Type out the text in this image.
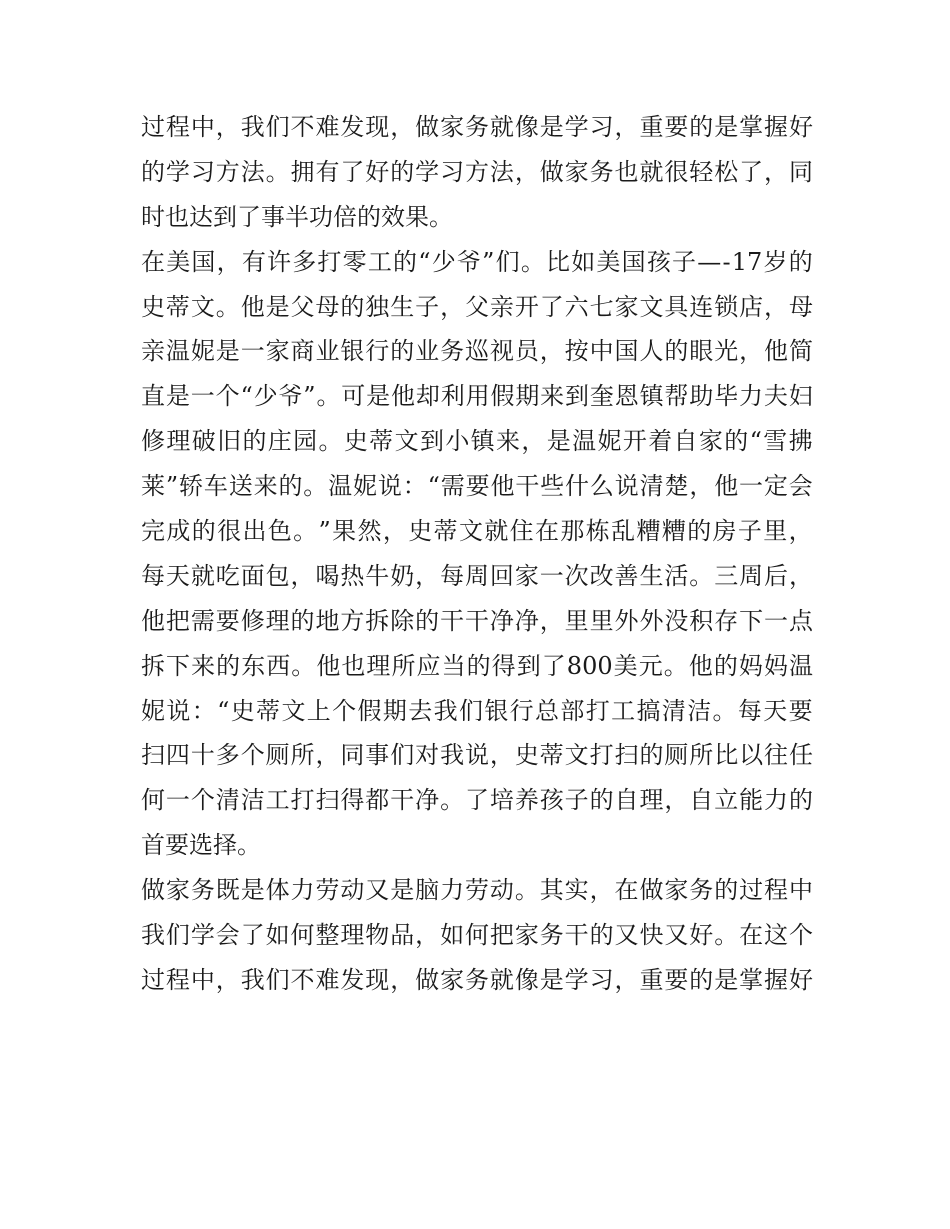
过 程 中 ， 我 们 不 难 发 现 ， 做 家 务 就 像 是 学 习 ， 重 要 的 是 掌 握 好
的 学 习 方 法 。 拥 有 了 好 的 学 习 方 法 ， 做 家 务 也 就 很 轻 松 了 ， 同
时也达到了事半功倍的效果。
在 美 国 ， 有 许 多 打 零 工 的 “ 少 爷 ” 们 。 比 如 美 国 孩 子 — - 17 岁 的
史 蒂 文 。 他 是 父 母 的 独 生 子 ， 父 亲 开 了 六 七 家 文 具 连 锁 店 ， 母
亲 温 妮 是 一 家 商 业 银 行 的 业 务 巡 视 员 ， 按 中 国 人 的 眼 光 ， 他 简
直 是 一 个 “ 少 爷 ” 。 可 是 他 却 利 用 假 期 来 到 奎 恩 镇 帮 助 毕 力 夫 妇
修 理 破 旧 的 庄 园 。 史 蒂 文 到 小 镇 来 ， 是 温 妮 开 着 自 家 的 “ 雪 拂
莱 ” 轿 车 送 来 的 。 温 妮 说 ： “ 需 要 他 干 些 什 么 说 清 楚 ， 他 一 定 会
完 成 的 很 出 色 。 ” 果 然 ， 史 蒂 文 就 住 在 那 栋 乱 糟 糟 的 房 子 里 ，
每 天 就 吃 面 包 ， 喝 热 牛 奶 ， 每 周 回 家 一 次 改 善 生 活 。 三 周 后 ，
他 把 需 要 修 理 的 地 方 拆 除 的 干 干 净 净 ， 里 里 外 外 没 积 存 下 一 点
拆 下 来 的 东 西 。 他 也 理 所 应 当 的 得 到 了 800 美 元 。 他 的 妈 妈 温
妮 说 ： “ 史 蒂 文 上 个 假 期 去 我 们 银 行 总 部 打 工 搞 清 洁 。 每 天 要
扫 四 十 多 个 厕 所 ， 同 事 们 对 我 说 ， 史 蒂 文 打 扫 的 厕 所 比 以 往 任
何 一 个 清 洁 工 打 扫 得 都 干 净 。 了 培 养 孩 子 的 自 理 ， 自 立 能 力 的
首要选择。
做 家 务 既 是 体 力 劳 动 又 是 脑 力 劳 动 。 其 实 ， 在 做 家 务 的 过 程 中
我 们 学 会 了 如 何 整 理 物 品 ， 如 何 把 家 务 干 的 又 快 又 好 。 在 这 个
过 程 中 ， 我 们 不 难 发 现 ， 做 家 务 就 像 是 学 习 ， 重 要 的 是 掌 握 好
